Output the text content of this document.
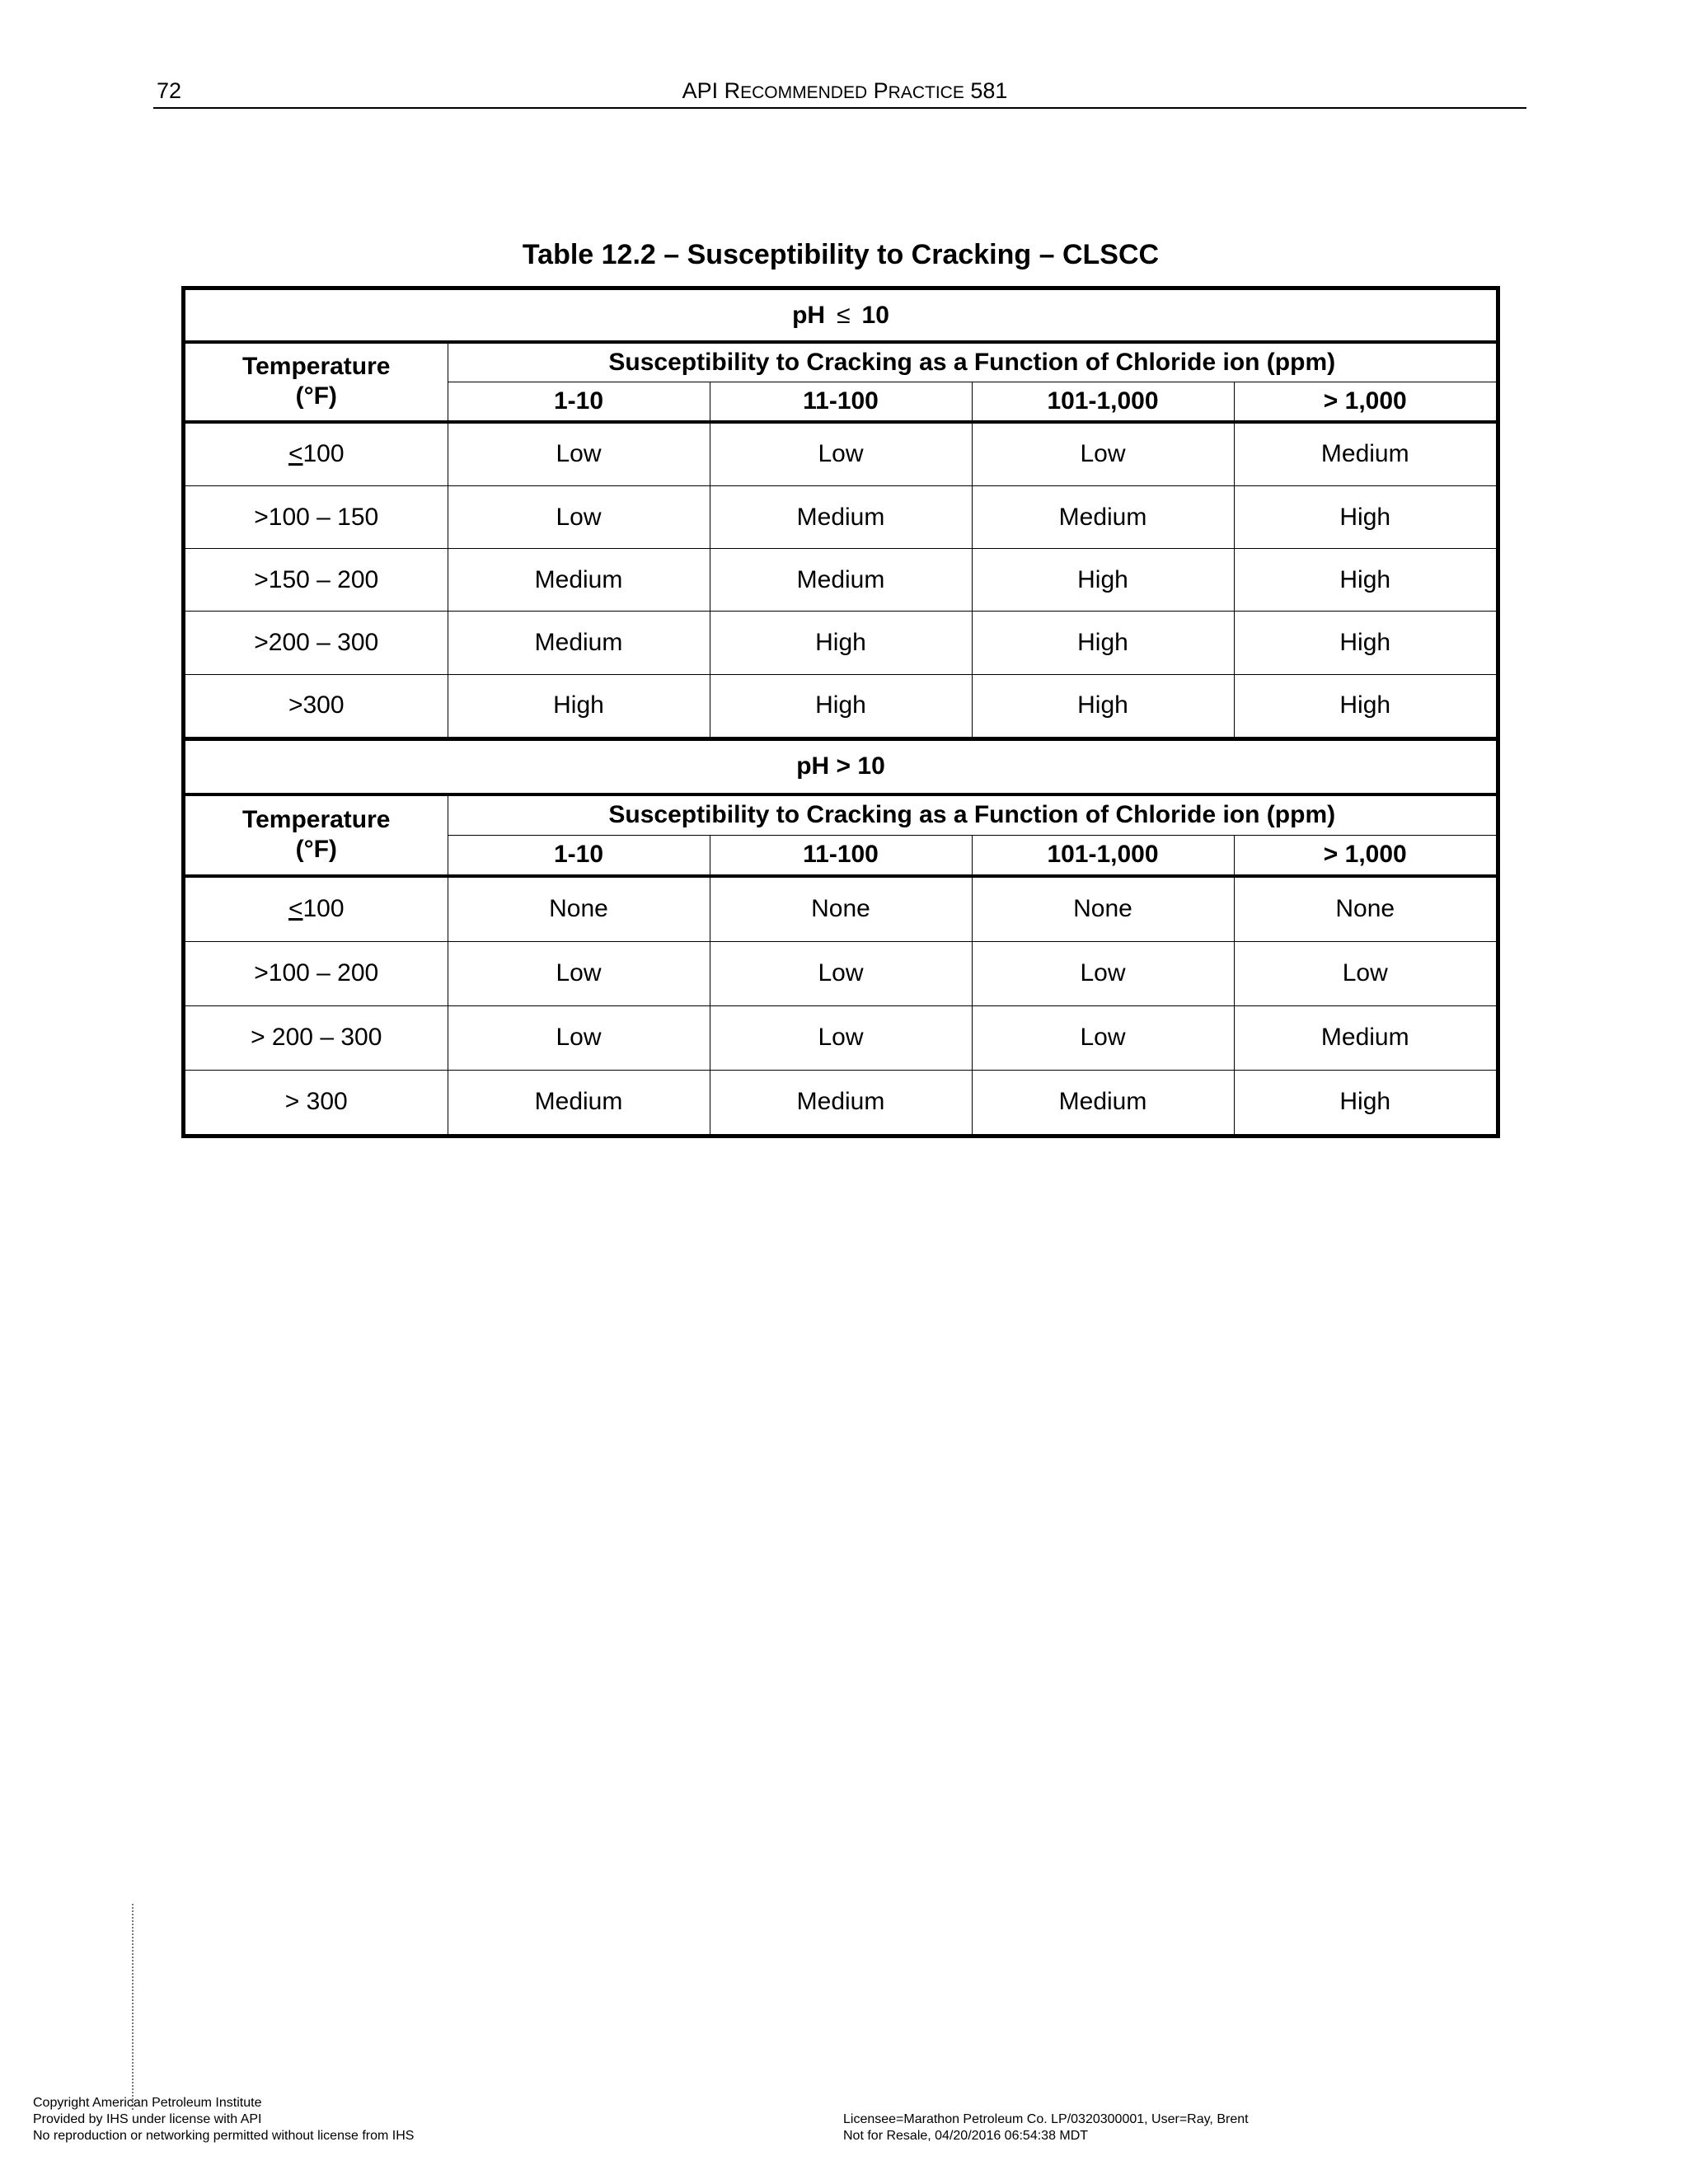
72	API RECOMMENDED PRACTICE 581
Table 12.2 – Susceptibility to Cracking – CLSCC
pH ≤ 10				
Temperature
(°F)	Susceptibility to Cracking as a Function of Chloride ion (ppm)			
	1-10	11-100	101-1,000	> 1,000
<100	Low	Low	Low	Medium
>100 – 150	Low	Medium	Medium	High
>150 – 200	Medium	Medium	High	High
>200 – 300	Medium	High	High	High
>300	High	High	High	High
pH > 10				
Temperature
(°F)	Susceptibility to Cracking as a Function of Chloride ion (ppm)			
	1-10	11-100	101-1,000	> 1,000
<100	None	None	None	None
>100 – 200	Low	Low	Low	Low
> 200 – 300	Low	Low	Low	Medium
> 300	Medium	Medium	Medium	High
Copyright American Petroleum Institute
Provided by IHS under license with API
No reproduction or networking permitted without license from IHS
Licensee=Marathon Petroleum Co. LP/0320300001, User=Ray, Brent
Not for Resale, 04/20/2016 06:54:38 MDT
